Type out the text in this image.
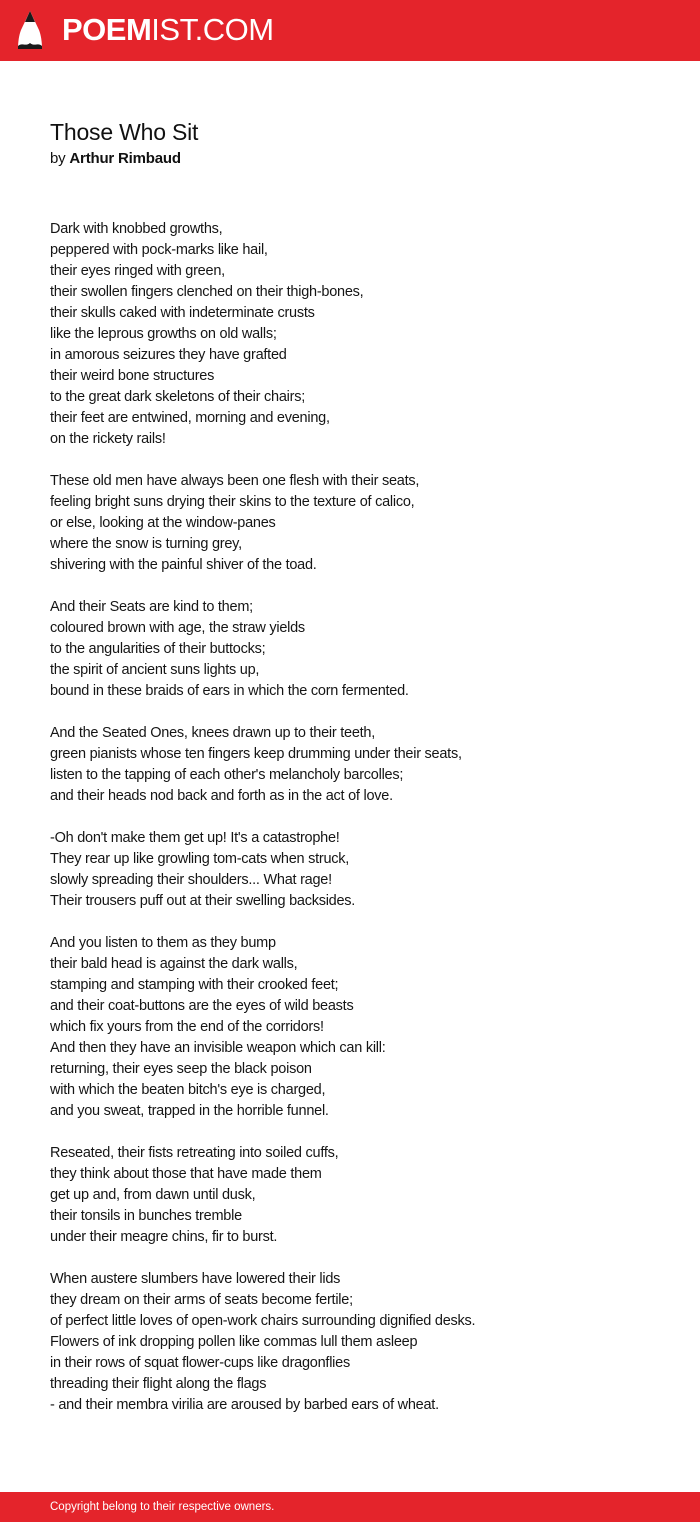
POEMIST.COM
Those Who Sit
by Arthur Rimbaud

Dark with knobbed growths,
peppered with pock-marks like hail,
their eyes ringed with green,
their swollen fingers clenched on their thigh-bones,
their skulls caked with indeterminate crusts
like the leprous growths on old walls;
in amorous seizures they have grafted
their weird bone structures
to the great dark skeletons of their chairs;
their feet are entwined, morning and evening,
on the rickety rails!

These old men have always been one flesh with their seats,
feeling bright suns drying their skins to the texture of calico,
or else, looking at the window-panes
where the snow is turning grey,
shivering with the painful shiver of the toad.

And their Seats are kind to them;
coloured brown with age, the straw yields
to the angularities of their buttocks;
the spirit of ancient suns lights up,
bound in these braids of ears in which the corn fermented.

And the Seated Ones, knees drawn up to their teeth,
green pianists whose ten fingers keep drumming under their seats,
listen to the tapping of each other's melancholy barcolles;
and their heads nod back and forth as in the act of love.

-Oh don't make them get up! It's a catastrophe!
They rear up like growling tom-cats when struck,
slowly spreading their shoulders... What rage!
Their trousers puff out at their swelling backsides.

And you listen to them as they bump
their bald head is against the dark walls,
stamping and stamping with their crooked feet;
and their coat-buttons are the eyes of wild beasts
which fix yours from the end of the corridors!
And then they have an invisible weapon which can kill:
returning, their eyes seep the black poison
with which the beaten bitch's eye is charged,
and you sweat, trapped in the horrible funnel.

Reseated, their fists retreating into soiled cuffs,
they think about those that have made them
get up and, from dawn until dusk,
their tonsils in bunches tremble
under their meagre chins, fir to burst.

When austere slumbers have lowered their lids
they dream on their arms of seats become fertile;
of perfect little loves of open-work chairs surrounding dignified desks.
Flowers of ink dropping pollen like commas lull them asleep
in their rows of squat flower-cups like dragonflies
threading their flight along the flags
- and their membra virilia are aroused by barbed ears of wheat.

Copyright belong to their respective owners.
